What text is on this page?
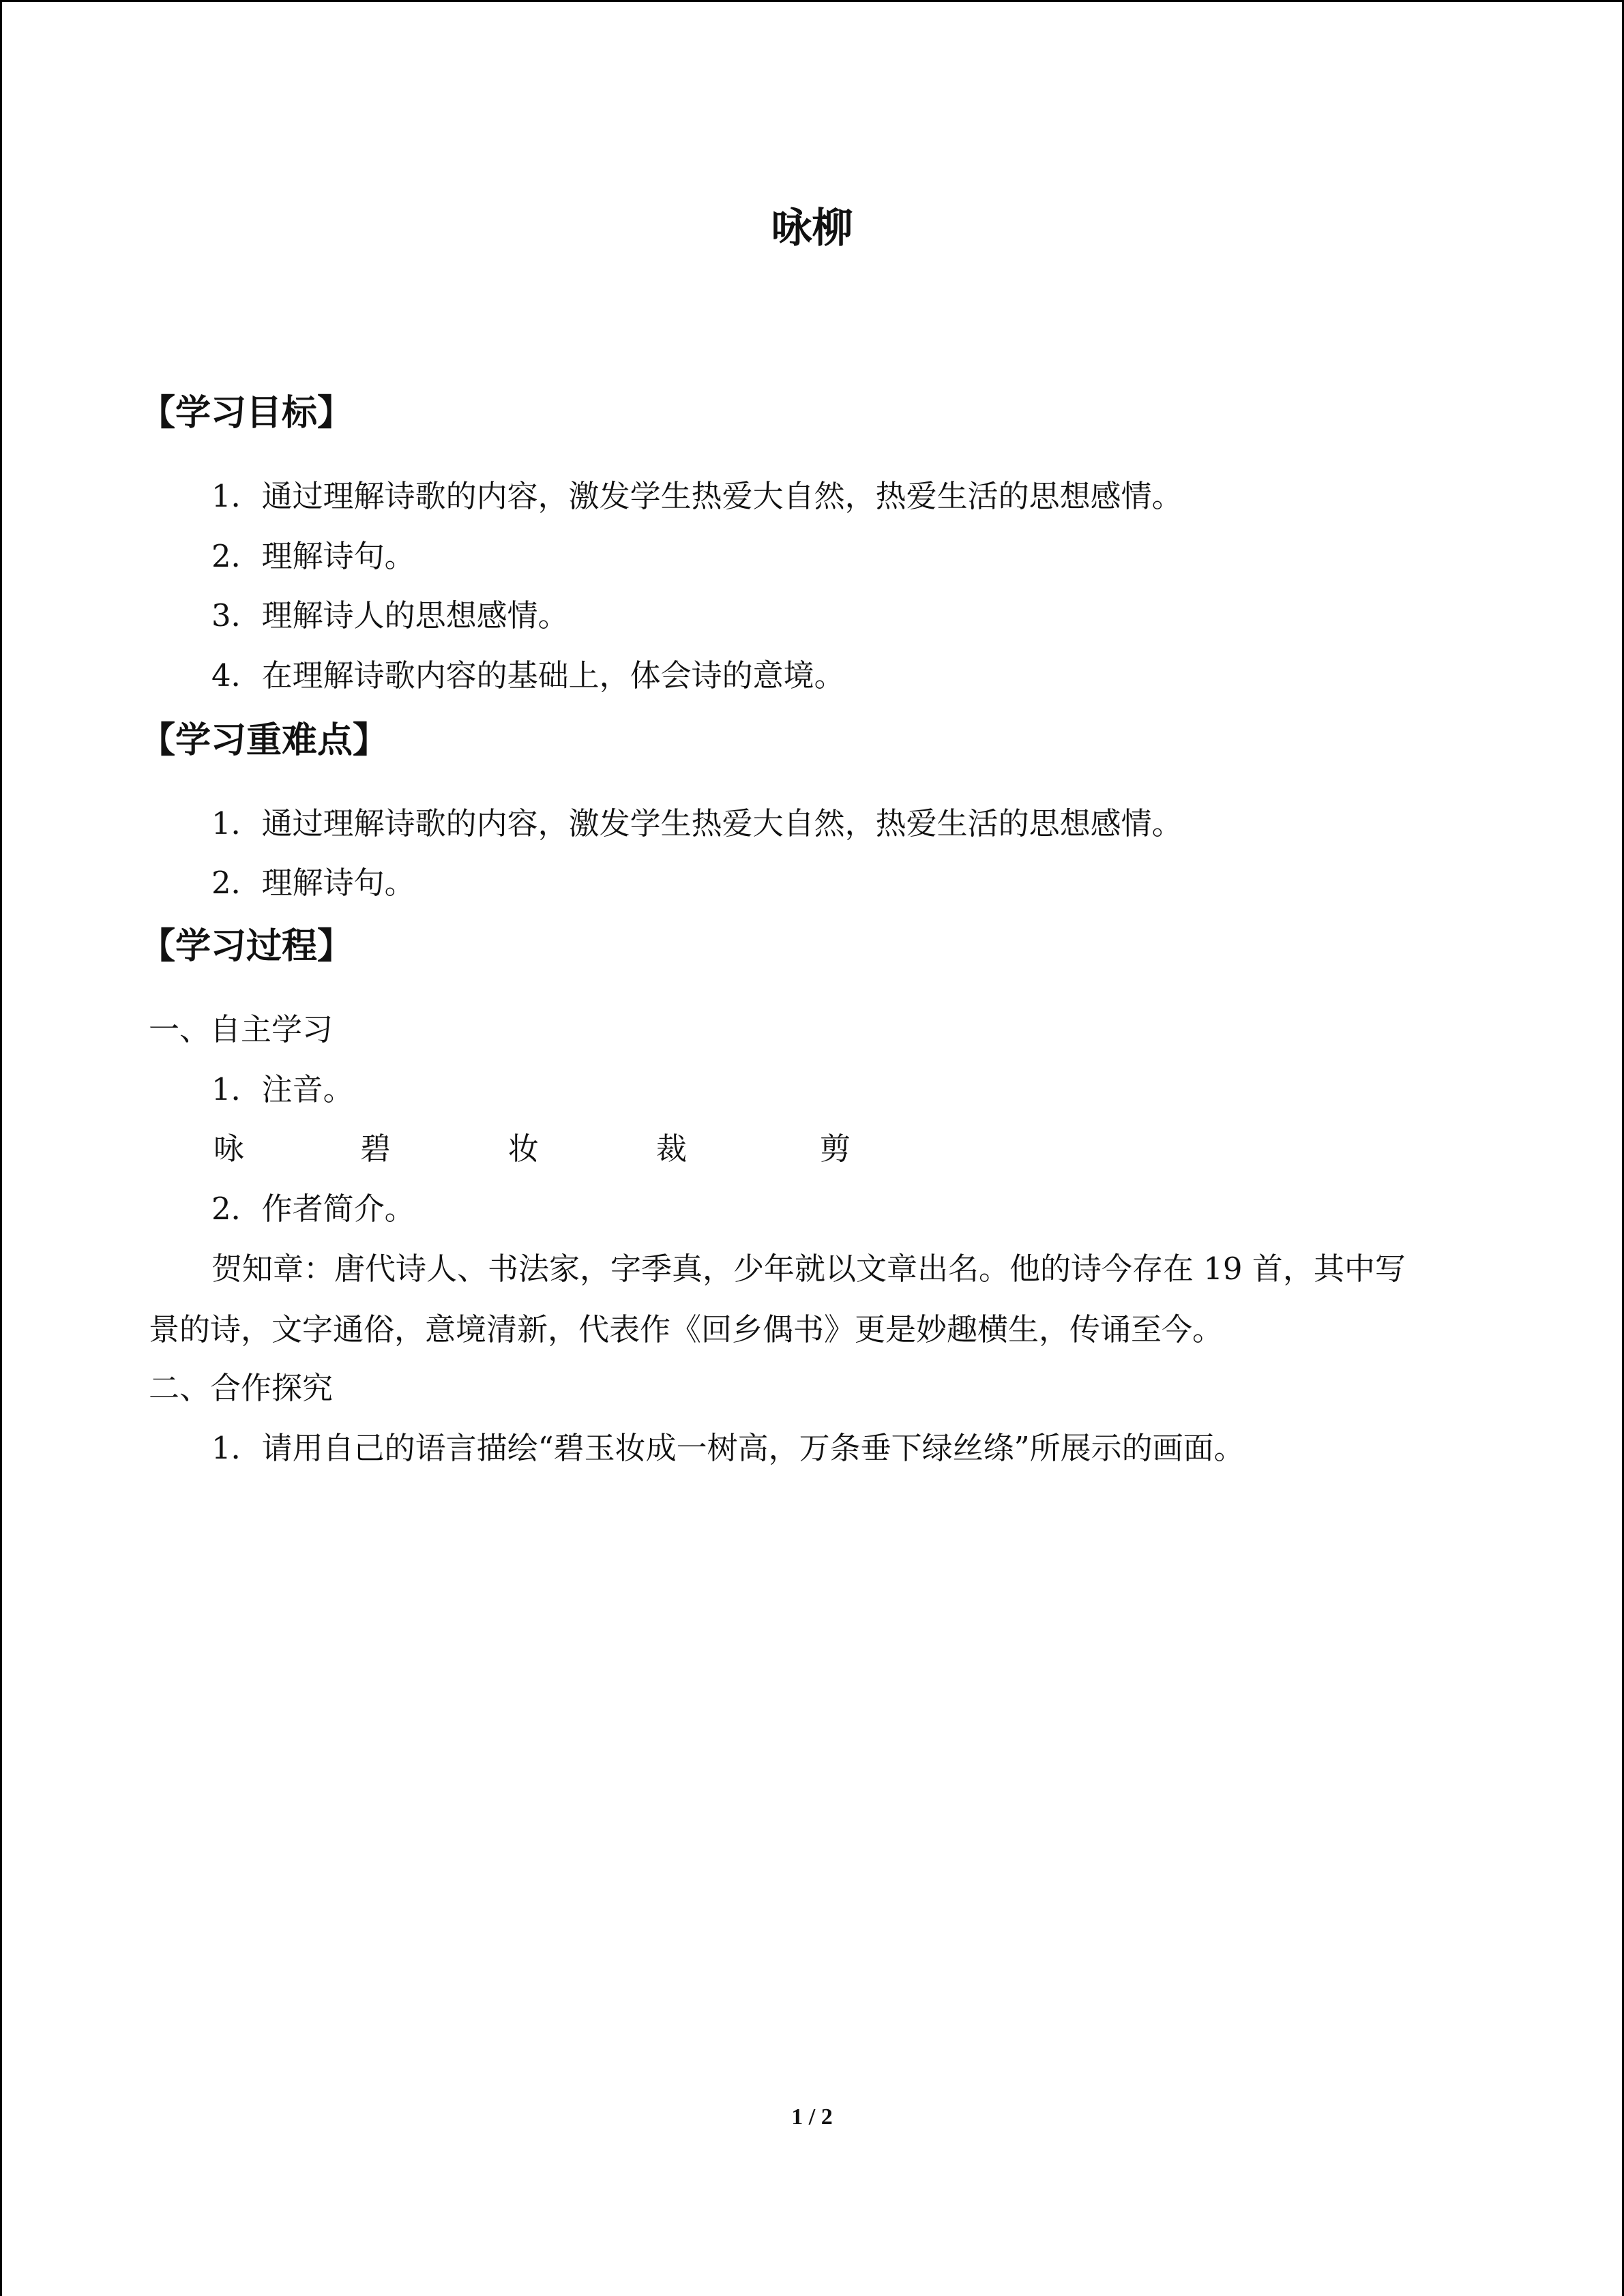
咏柳
【学习目标】
1．通过理解诗歌的内容，激发学生热爱大自然，热爱生活的思想感情。
2．理解诗句。
3．理解诗人的思想感情。
4．在理解诗歌内容的基础上，体会诗的意境。
【学习重难点】
1．通过理解诗歌的内容，激发学生热爱大自然，热爱生活的思想感情。
2．理解诗句。
【学习过程】
一、自主学习
1．注音。
咏	碧	妆	裁	剪
2．作者简介。
贺知章：唐代诗人、书法家，字季真，少年就以文章出名。他的诗今存在 19 首，其中写
景的诗，文字通俗，意境清新，代表作《回乡偶书》更是妙趣横生，传诵至今。
二、合作探究
1．请用自己的语言描绘“碧玉妆成一树高，万条垂下绿丝绦”所展示的画面。
1 / 2
